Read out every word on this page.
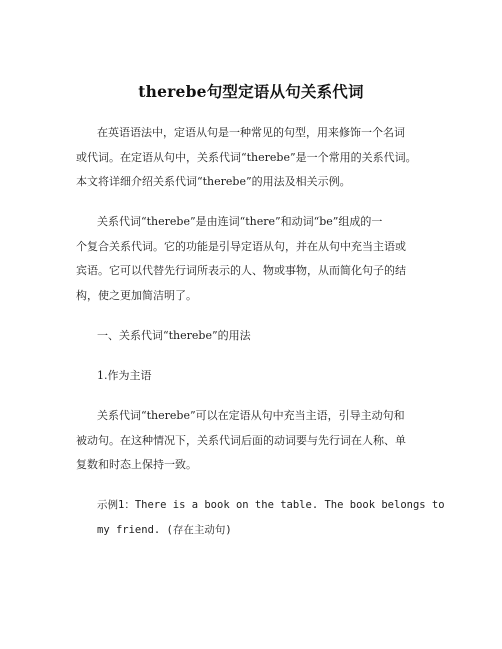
therebe句型定语从句关系代词
在英语语法中，定语从句是一种常见的句型，用来修饰一个名词
或代词。在定语从句中，关系代词“therebe”是一个常用的关系代词。
本文将详细介绍关系代词“therebe”的用法及相关示例。
关系代词“therebe”是由连词“there”和动词“be”组成的一
个复合关系代词。它的功能是引导定语从句，并在从句中充当主语或
宾语。它可以代替先行词所表示的人、物或事物，从而简化句子的结
构，使之更加简洁明了。
一、关系代词“therebe”的用法
1.作为主语
关系代词“therebe”可以在定语从句中充当主语，引导主动句和
被动句。在这种情况下，关系代词后面的动词要与先行词在人称、单
复数和时态上保持一致。
示例1：There is a book on the table. The book belongs to
my friend. (存在主动句)
